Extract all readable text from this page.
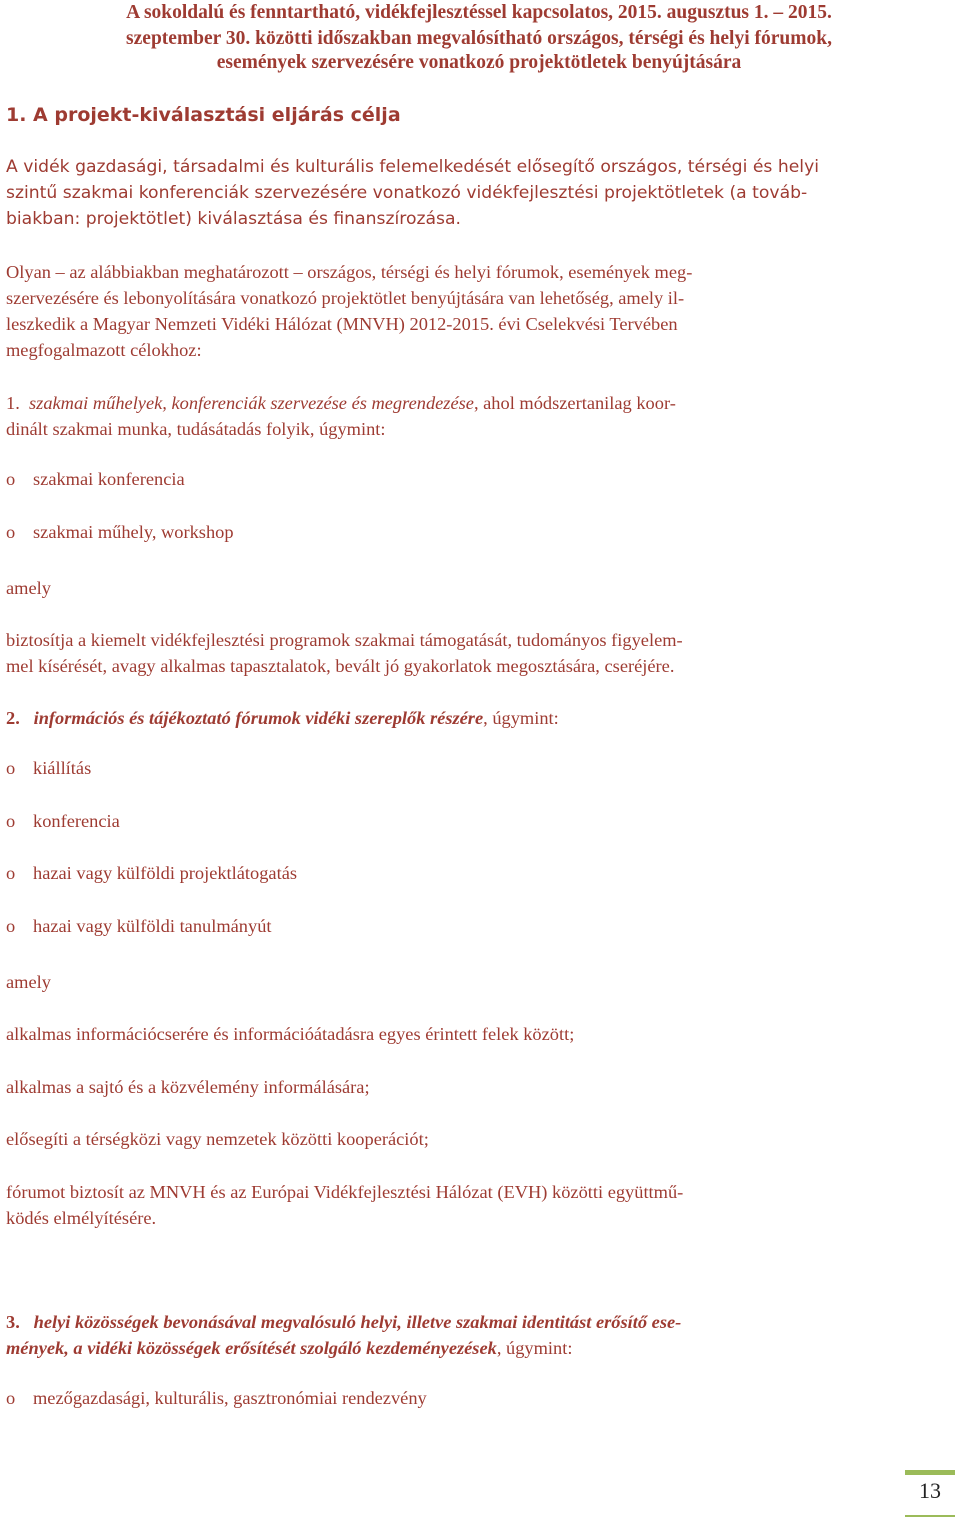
A sokoldalú és fenntartható, vidékfejlesztéssel kapcsolatos, 2015. augusztus 1. – 2015.
szeptember 30. közötti időszakban megvalósítható országos, térségi és helyi fórumok,
események szervezésére vonatkozó projektötletek benyújtására
1. A projekt-kiválasztási eljárás célja
A vidék gazdasági, társadalmi és kulturális felemelkedését elősegítő országos, térségi és helyi
szintű szakmai konferenciák szervezésére vonatkozó vidékfejlesztési projektötletek (a továb-
biakban: projektötlet) kiválasztása és finanszírozása.
Olyan – az alábbiakban meghatározott – országos, térségi és helyi fórumok, események meg-
szervezésére és lebonyolítására vonatkozó projektötlet benyújtására van lehetőség, amely il-
leszkedik a Magyar Nemzeti Vidéki Hálózat (MNVH) 2012-2015. évi Cselekvési Tervében
megfogalmazott célokhoz:
1. szakmai műhelyek, konferenciák szervezése és megrendezése, ahol módszertanilag koor-
dinált szakmai munka, tudásátadás folyik, úgymint:
o szakmai konferencia
o szakmai műhely, workshop
amely
biztosítja a kiemelt vidékfejlesztési programok szakmai támogatását, tudományos figyelem-
mel kísérését, avagy alkalmas tapasztalatok, bevált jó gyakorlatok megosztására, cseréjére.
2. információs és tájékoztató fórumok vidéki szereplők részére, úgymint:
o kiállítás
o konferencia
o hazai vagy külföldi projektlátogatás
o hazai vagy külföldi tanulmányút
amely
alkalmas információcserére és információátadásra egyes érintett felek között;
alkalmas a sajtó és a közvélemény informálására;
elősegíti a térségközi vagy nemzetek közötti kooperációt;
fórumot biztosít az MNVH és az Európai Vidékfejlesztési Hálózat (EVH) közötti együttmű-
ködés elmélyítésére.
3. helyi közösségek bevonásával megvalósuló helyi, illetve szakmai identitást erősítő ese-
mények, a vidéki közösségek erősítését szolgáló kezdeményezések, úgymint:
o mezőgazdasági, kulturális, gasztronómiai rendezvény
13
